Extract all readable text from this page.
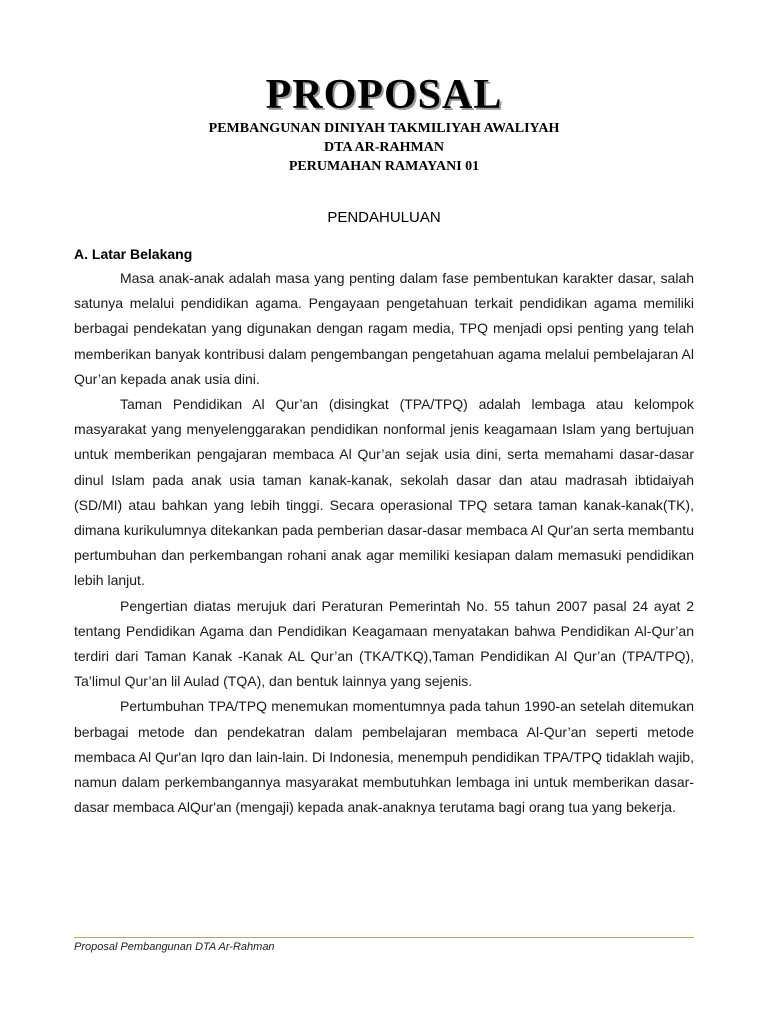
PROPOSAL
PEMBANGUNAN DINIYAH TAKMILIYAH AWALIYAH
DTA AR-RAHMAN
PERUMAHAN RAMAYANI 01
PENDAHULUAN
A. Latar Belakang

Masa anak-anak adalah masa yang penting dalam fase pembentukan karakter dasar, salah satunya melalui pendidikan agama. Pengayaan pengetahuan terkait pendidikan agama memiliki berbagai pendekatan yang digunakan dengan ragam media, TPQ menjadi opsi penting yang telah memberikan banyak kontribusi dalam pengembangan pengetahuan agama melalui pembelajaran Al Qur’an kepada anak usia dini.

Taman Pendidikan Al Qur’an (disingkat (TPA/TPQ) adalah lembaga atau kelompok masyarakat yang menyelenggarakan pendidikan nonformal jenis keagamaan Islam yang bertujuan untuk memberikan pengajaran membaca Al Qur’an sejak usia dini, serta memahami dasar-dasar dinul Islam pada anak usia taman kanak-kanak, sekolah dasar dan atau madrasah ibtidaiyah (SD/MI) atau bahkan yang lebih tinggi. Secara operasional TPQ setara taman kanak-kanak(TK), dimana kurikulumnya ditekankan pada pemberian dasar-dasar membaca Al Qur'an serta membantu pertumbuhan dan perkembangan rohani anak agar memiliki kesiapan dalam memasuki pendidikan lebih lanjut.

Pengertian diatas merujuk dari Peraturan Pemerintah No. 55 tahun 2007 pasal 24 ayat 2 tentang Pendidikan Agama dan Pendidikan Keagamaan menyatakan bahwa Pendidikan Al-Qur’an terdiri dari Taman Kanak -Kanak AL Qur’an (TKA/TKQ),Taman Pendidikan Al Qur’an (TPA/TPQ), Ta’limul Qur’an lil Aulad (TQA), dan bentuk lainnya yang sejenis.

Pertumbuhan TPA/TPQ menemukan momentumnya pada tahun 1990-an setelah ditemukan berbagai metode dan pendekatran dalam pembelajaran membaca Al-Qur’an seperti metode membaca Al Qur'an Iqro dan lain-lain. Di Indonesia, menempuh pendidikan TPA/TPQ tidaklah wajib, namun dalam perkembangannya masyarakat membutuhkan lembaga ini untuk memberikan dasar-dasar membaca AlQur'an (mengaji) kepada anak-anaknya terutama bagi orang tua yang bekerja.

Proposal Pembangunan DTA Ar-Rahman
